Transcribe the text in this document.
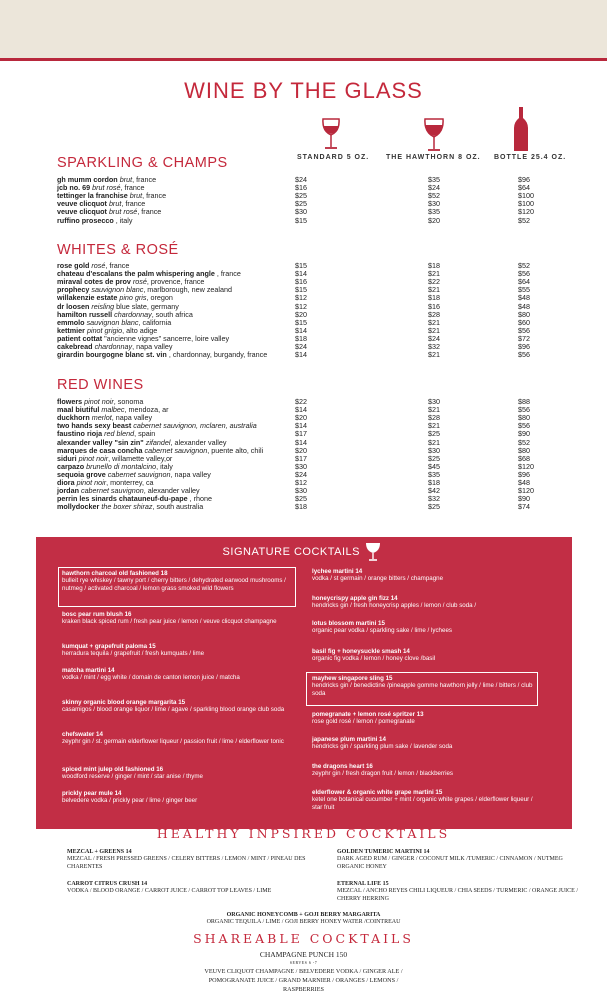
WINE BY THE GLASS
STANDARD 5 OZ. THE HAWTHORN 8 OZ. BOTTLE 25.4 OZ.
SPARKLING & CHAMPS
gh mumm cordon brut, france	$24	$35	$96
jcb no. 69 brut rosé, france	$16	$24	$64
tettinger la franchise brut, france	$25	$52	$100
veuve clicquot brut, france	$25	$30	$100
veuve clicquot brut rosé, france	$30	$35	$120
ruffino prosecco , italy	$15	$20	$52
WHITES & ROSÉ
rose gold rosé, france	$15	$18	$52
chateau d'escalans the palm whispering angle , france	$14	$21	$56
miraval cotes de prov rosé, provence, france	$16	$22	$64
prophecy sauvignon blanc, marlborough, new zealand	$15	$21	$55
willakenzie estate pino gris, oregon	$12	$18	$48
dr loosen reisling blue slate, germany	$12	$16	$48
hamilton russell chardonnay, south africa	$20	$28	$80
emmolo sauvignon blanc, california	$15	$21	$60
kettmier pinot grigio, alto adige	$14	$21	$56
patient cottat "ancienne vignes" sancerre, loire valley	$18	$24	$72
cakebread chardonnay, napa valley	$24	$32	$96
girardin bourgogne blanc st. vin , chardonnay, burgandy, france	$14	$21	$56
RED WINES
flowers pinot noir, sonoma	$22	$30	$88
maal biutiful malbec, mendoza, ar	$14	$21	$56
duckhorn merlot, napa valley	$20	$28	$80
two hands sexy beast cabernet sauvignon, mclaren, australia	$14	$21	$56
faustino rioja red blend, spain	$17	$25	$90
alexander valley "sin zin" zifandel, alexander valley	$14	$21	$52
marques de casa concha cabernet sauvignon, puente alto, chili	$20	$30	$80
siduri pinot noir, willamette valley,or	$17	$25	$68
carpazo brunello di montalcino, italy	$30	$45	$120
sequoia grove cabernet sauvignon, napa valley	$24	$35	$96
diora pinot noir, monterrey, ca	$12	$18	$48
jordan cabernet sauvignon, alexander valley	$30	$42	$120
perrin les sinards chatauneuf-du-pape , rhone	$25	$32	$90
mollydocker the boxer shiraz, south australia	$18	$25	$74
SIGNATURE COCKTAILS
hawthorn charcoal old fashioned 18
bulleit rye whiskey / tawny port / cherry bitters / dehydrated earwood mushrooms / nutmeg / activated charcoal / lemon grass smoked wild flowers
bosc pear rum blush 16
kraken black spiced rum / fresh pear juice / lemon / veuve clicquot champagne
kumquat + grapefruit paloma 15
herradura tequila / grapefruit / fresh kumquats / lime
matcha martini 14
vodka / mint / egg white / domain de canton lemon juice / matcha
skinny organic blood orange margarita 15
casamigos / blood orange liquor / lime / agave / sparkling blood orange club soda
chefswater 14
zeyphr gin / st. germain elderflower liqueur / passion fruit / lime / elderflower tonic
spiced mint julep old fashioned 16
woodford reserve / ginger / mint / star anise / thyme
prickly pear mule 14
belvedere vodka / prickly pear / lime / ginger beer
lychee martini 14
vodka / st germain / orange bitters / champagne
honeycrispy apple gin fizz 14
hendricks gin / fresh honeycrisp apples / lemon / club soda /
lotus blossom martini 15
organic pear vodka / sparkling sake / lime / lychees
basil fig + honeysuckle smash 14
organic fig vodka / lemon / honey clove /basil
mayhew singapore sling 15
hendricks gin / benedictine /pineapple gomme hawthorn jelly / lime / bitters / club soda
pomegranate + lemon rosé spritzer 13
rose gold rosé / lemon / pomegranate
japanese plum martini 14
hendricks gin / sparkling plum sake / lavender soda
the dragons heart 16
zeyphr gin / fresh dragon fruit / lemon / blackberries
elderflower & organic white grape martini 15
ketel one botanical cucumber + mint / organic white grapes / elderflower liqueur / star fruit
HEALTHY INPSIRED COCKTAILS
MEZCAL + GREENS 14
MEZCAL / FRESH PRESSED GREENS / CELERY BITTERS / LEMON / MINT / PINEAU DES CHARENTES
GOLDEN TUMERIC MARTINI 14
DARK AGED RUM / GINGER / COCONUT MILK /TUMERIC / CINNAMON / NUTMEG ORGANIC HONEY
CARROT CITRUS CRUSH 14
VODKA / BLOOD ORANGE / CARROT JUICE / CARROT TOP LEAVES / LIME
ETERNAL LIFE 15
MEZCAL / ANCHO REYES CHILI LIQUEUR / CHIA SEEDS / TURMERIC / ORANGE JUICE / CHERRY HERRING
ORGANIC HONEYCOMB + GOJI BERRY MARGARITA
ORGANIC TEQUILA / LIME / GOJI BERRY HONEY WATER /COINTREAU
SHAREABLE COCKTAILS
CHAMPAGNE PUNCH 150
SERVES 6 -7
VEUVE CLIQUOT CHAMPAGNE / BELVEDERE VODKA / GINGER ALE /
POMOGRANATE JUICE / GRAND MARNIER / ORANGES / LEMONS /
RASPBERRIES
